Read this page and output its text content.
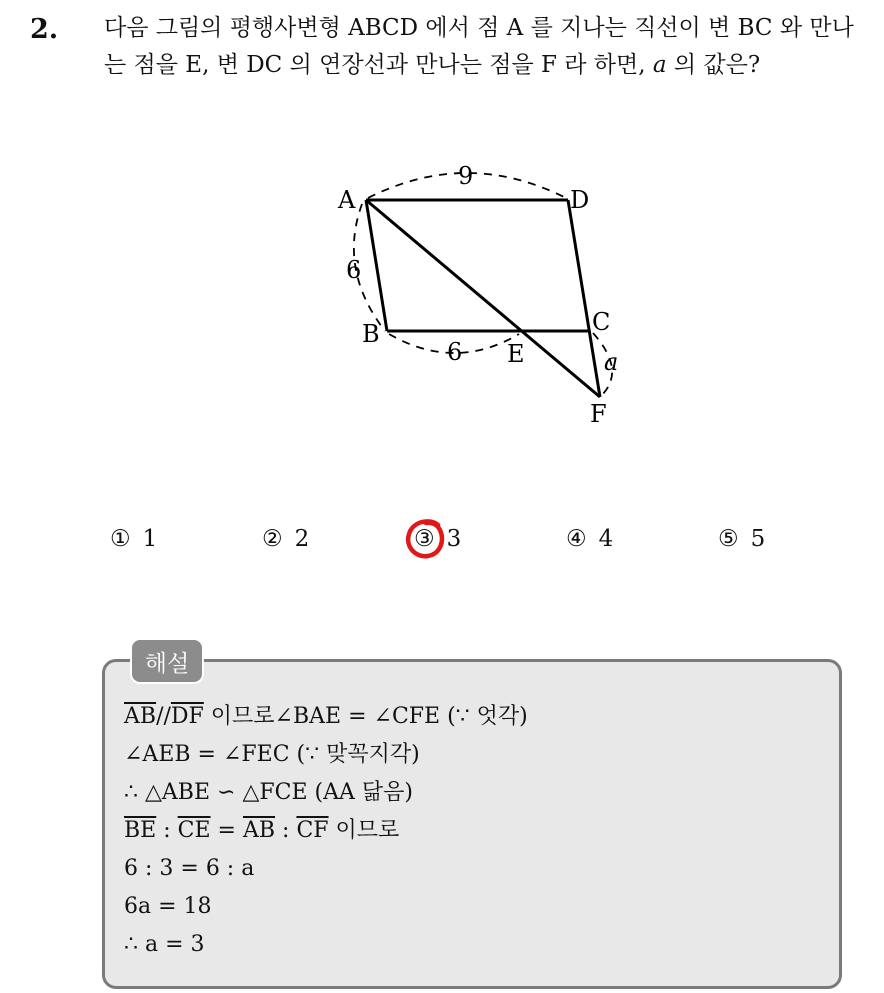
2. 다음 그림의 평행사변형 ABCD 에서 점 A 를 지나는 직선이 변 BC 와 만나는 점을 E, 변 DC 의 연장선과 만나는 점을 F 라 하면, a 의 값은?
A	D
B	C
E
F
9
6
6	a
① 1	② 2	③ 3	④ 4	⑤ 5
해설
$\overline{AB}//\overline{DF}$ 이므로∠BAE = ∠CFE (∵ 엇각)
∠AEB = ∠FEC (∵ 맞꼭지각)
∴ △ABE ∽ △FCE (AA 닮음)
$\overline{BE}$ : $\overline{CE} = \overline{AB}$ : $\overline{CF}$ 이므로
6 : 3 = 6 : a
6a = 18
∴ a = 3
